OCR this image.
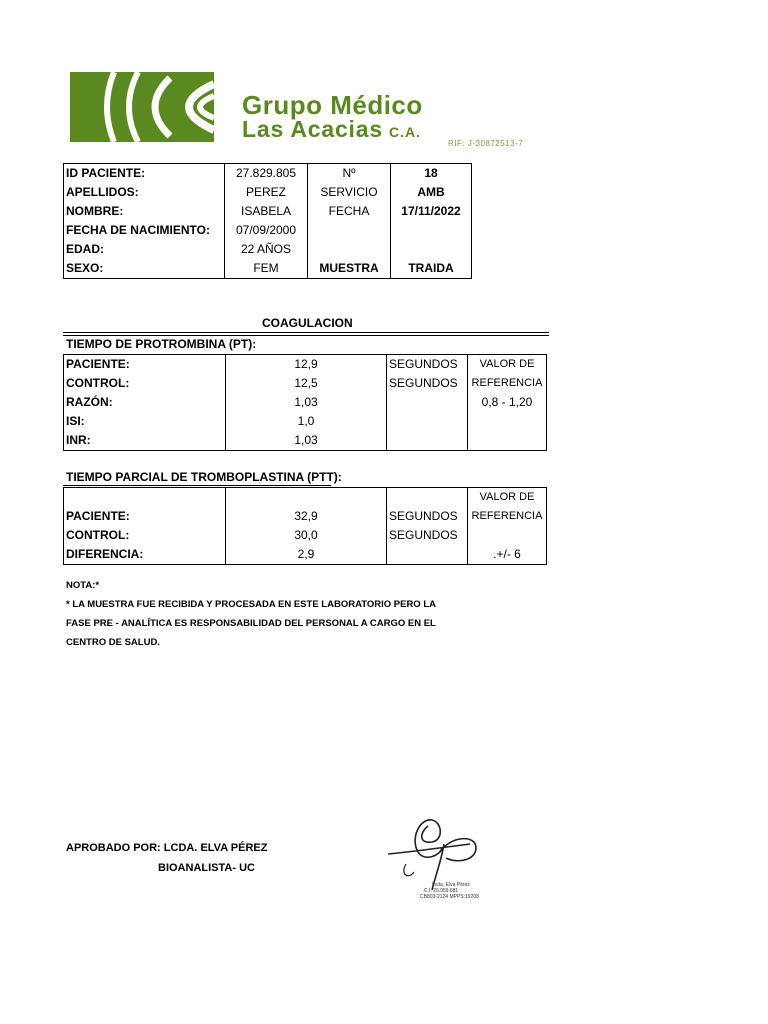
Grupo Médico
Las Acacias C.A.
RIF: J-30872513-7
ID PACIENTE:	27.829.805	Nº	18
APELLIDOS:	PEREZ	SERVICIO	AMB
NOMBRE:	ISABELA	FECHA	17/11/2022
FECHA DE NACIMIENTO:	07/09/2000		
EDAD:	22 AÑOS		
SEXO:	FEM	MUESTRA	TRAIDA
COAGULACION
TIEMPO DE PROTROMBINA (PT):
PACIENTE:	12,9	SEGUNDOS	VALOR DE
CONTROL:	12,5	SEGUNDOS	REFERENCIA
RAZÓN:	1,03		0,8 - 1,20
ISI:	1,0		
INR:	1,03		
TIEMPO PARCIAL DE TROMBOPLASTINA (PTT):
			VALOR DE
PACIENTE:	32,9	SEGUNDOS	REFERENCIA
CONTROL:	30,0	SEGUNDOS	
DIFERENCIA:	2,9		.+/- 6
NOTA:*
* LA MUESTRA FUE RECIBIDA Y PROCESADA EN ESTE LABORATORIO PERO LA
FASE PRE - ANALÍTICA ES RESPONSABILIDAD DEL PERSONAL A CARGO EN EL
CENTRO DE SALUD.
APROBADO POR: LCDA. ELVA PÉREZ
BIOANALISTA- UC
Lcda. Elva Pérez
C.I. 20.959.681
CB803-2124 MPPS:19208
